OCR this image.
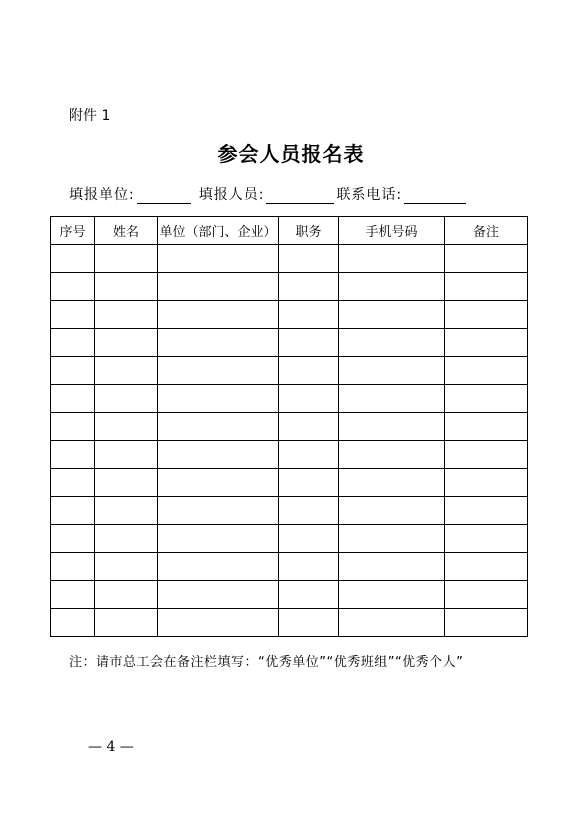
附件 1
参会人员报名表
填报单位:	填报人员:	联系电话:
序号	姓名	单位（部门、企业）	职务	手机号码	备注

注：请市总工会在备注栏填写：“优秀单位”“优秀班组”“优秀个人”
— 4 —
